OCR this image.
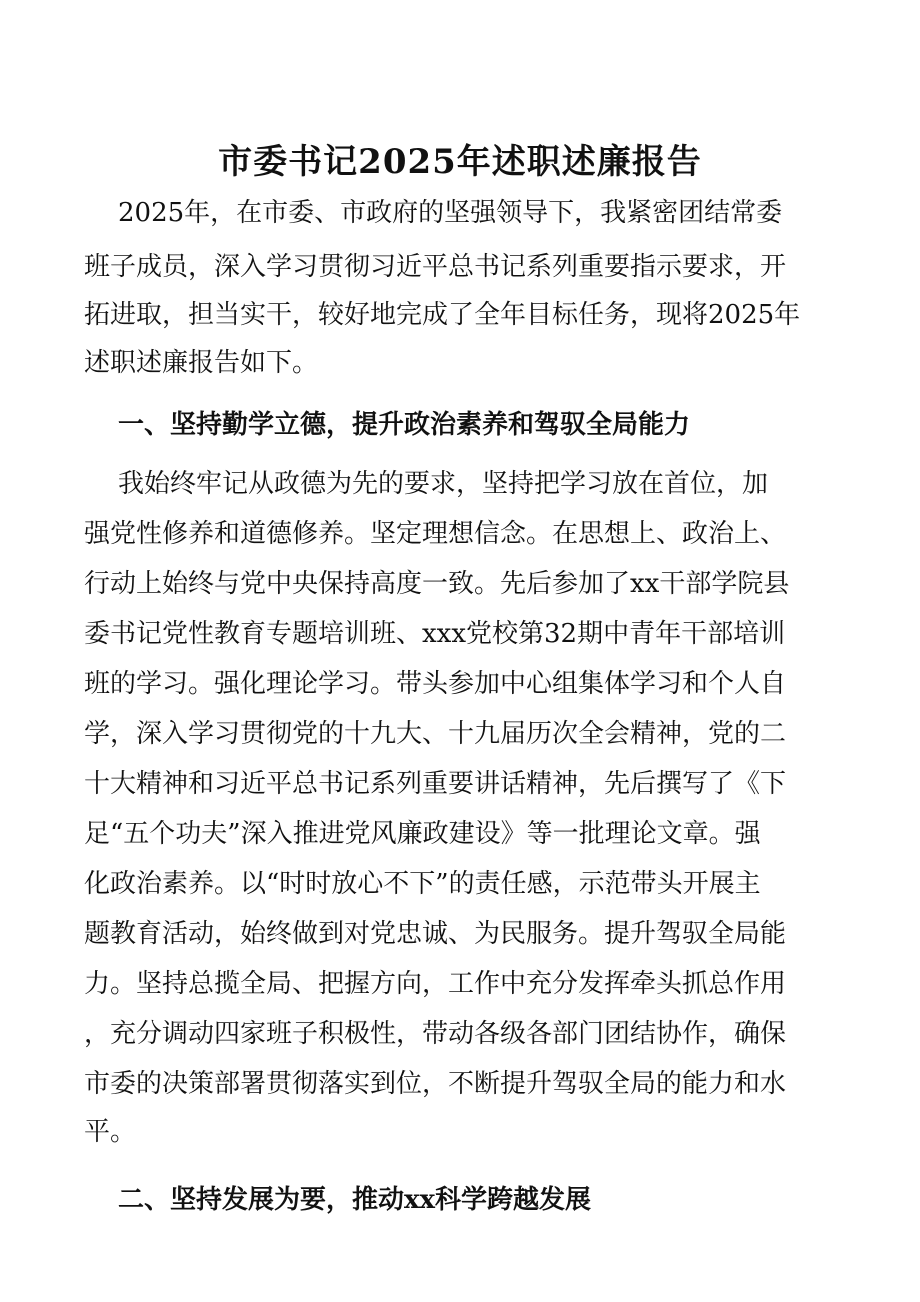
市委书记2025年述职述廉报告
2025年，在市委、市政府的坚强领导下，我紧密团结常委
班子成员，深入学习贯彻习近平总书记系列重要指示要求，开
拓进取，担当实干，较好地完成了全年目标任务，现将2025年
述职述廉报告如下。
一、坚持勤学立德，提升政治素养和驾驭全局能力
我始终牢记从政德为先的要求，坚持把学习放在首位，加
强党性修养和道德修养。坚定理想信念。在思想上、政治上、
行动上始终与党中央保持高度一致。先后参加了xx干部学院县
委书记党性教育专题培训班、xxx党校第32期中青年干部培训
班的学习。强化理论学习。带头参加中心组集体学习和个人自
学，深入学习贯彻党的十九大、十九届历次全会精神，党的二
十大精神和习近平总书记系列重要讲话精神，先后撰写了《下
足“五个功夫”深入推进党风廉政建设》等一批理论文章。强
化政治素养。以“时时放心不下”的责任感，示范带头开展主
题教育活动，始终做到对党忠诚、为民服务。提升驾驭全局能
力。坚持总揽全局、把握方向，工作中充分发挥牵头抓总作用
，充分调动四家班子积极性，带动各级各部门团结协作，确保
市委的决策部署贯彻落实到位，不断提升驾驭全局的能力和水
平。
二、坚持发展为要，推动xx科学跨越发展
